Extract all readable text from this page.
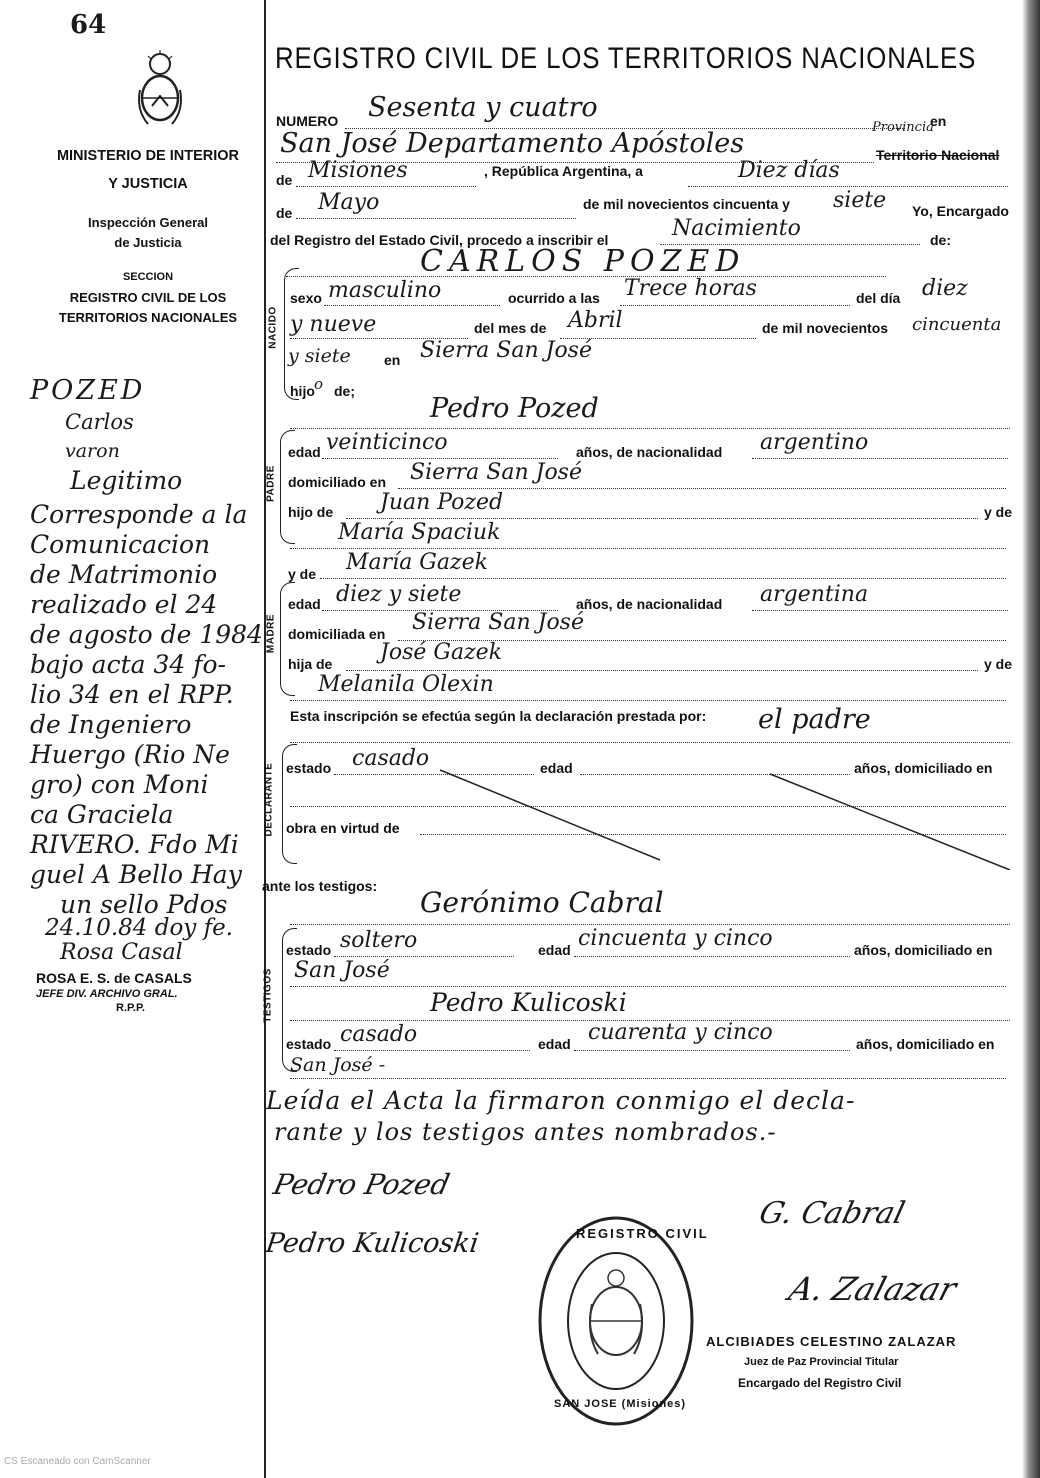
64
MINISTERIO DE INTERIOR
Y JUSTICIA
Inspección General
de Justicia
SECCION
REGISTRO CIVIL DE LOS
TERRITORIOS NACIONALES
POZED
Carlos
varon
Legitimo
Corresponde a la
Comunicacion
de Matrimonio
realizado el 24
de agosto de 1984
bajo acta 34 fo-
lio 34 en el RPP.
de Ingeniero
Huergo (Rio Ne
gro) con Moni
ca Graciela
RIVERO. Fdo Mi
guel A Bello Hay
un sello Pdos
24.10.84 doy fe.
Rosa Casal
ROSA E. S. de CASALS
JEFE DIV. ARCHIVO GRAL.
R.P.P.
REGISTRO CIVIL DE LOS TERRITORIOS NACIONALES
NUMERO Sesenta y cuatro	en
Provincia
San José Departamento Apóstoles	Territorio Nacional
de Misiones	, República Argentina, a	Diez días
de Mayo	de mil novecientos cincuenta y siete Yo, Encargado
del Registro del Estado Civil, procedo a inscribir el	Nacimiento	de:
CARLOS POZED
NACIDO
sexo masculino	ocurrido a las Trece horas	del día diez
y nueve	del mes de Abril	de mil novecientos cincuenta
y siete en Sierra San José
hijo o de;
Pedro Pozed
PADRE
edad veinticinco	años, de nacionalidad argentino
domiciliado en Sierra San José
hijo de Juan Pozed	y de
María Spaciuk
y de María Gazek
MADRE
edad diez y siete	años, de nacionalidad argentina
domiciliada en Sierra San José
hija de José Gazek	y de
Melanila Olexin
Esta inscripción se efectúa según la declaración prestada por: el padre
DECLARANTE estado casado	edad	años, domiciliado en
obra en virtud de
ante los testigos: Gerónimo Cabral
TESTIGOS
estado soltero	edad cincuenta y cinco	años, domiciliado en
San José
Pedro Kulicoski
estado casado	edad cuarenta y cinco	años, domiciliado en
San José -
Leída el Acta la firmaron conmigo el decla-
rante y los testigos antes nombrados.-
Pedro Pozed
Pedro Kulicoski
G. Cabral
A. Zalazar
REGISTRO CIVIL
SAN JOSE (Misiones)
ALCIBIADES CELESTINO ZALAZAR
Juez de Paz Provincial Titular
Encargado del Registro Civil
CS Escaneado con CamScanner
